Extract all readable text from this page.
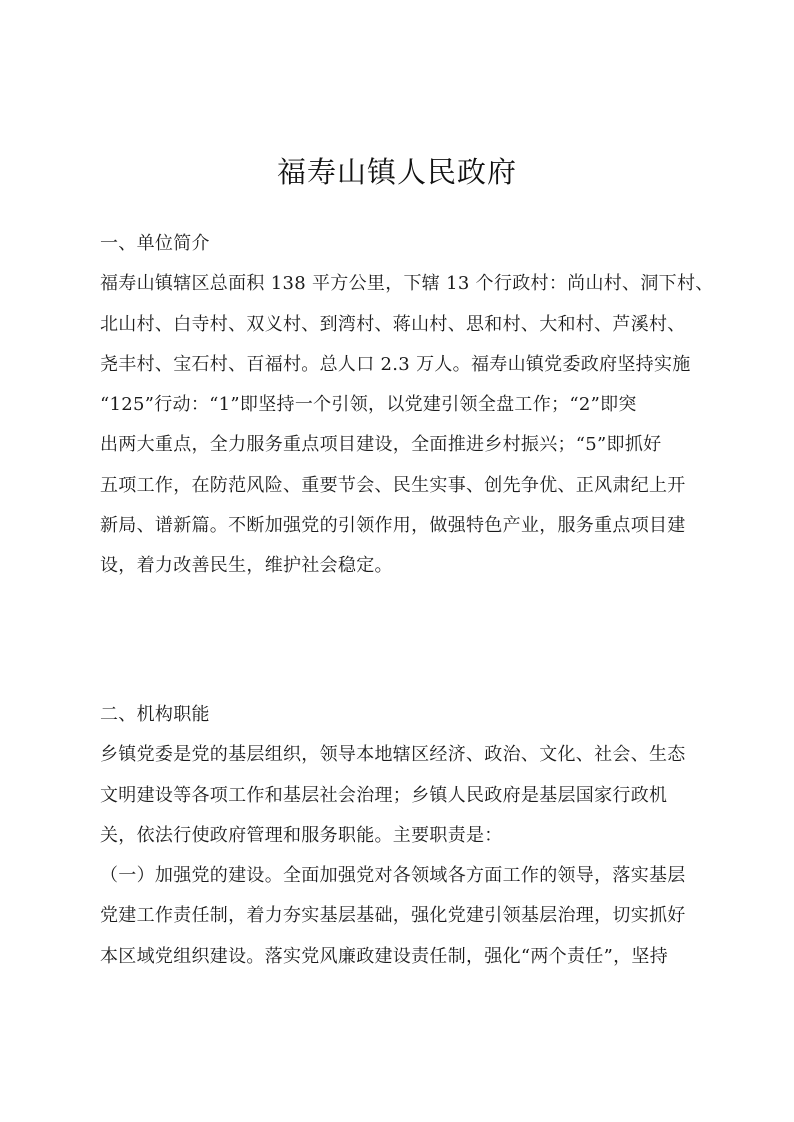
福寿山镇人民政府
一、单位简介
福寿山镇辖区总面积 138 平方公里，下辖 13 个行政村：尚山村、洞下村、
北山村、白寺村、双义村、到湾村、蒋山村、思和村、大和村、芦溪村、
尧丰村、宝石村、百福村。总人口 2.3 万人。福寿山镇党委政府坚持实施
“125”行动：“1”即坚持一个引领，以党建引领全盘工作；“2”即突
出两大重点，全力服务重点项目建设，全面推进乡村振兴；“5”即抓好
五项工作，在防范风险、重要节会、民生实事、创先争优、正风肃纪上开
新局、谱新篇。不断加强党的引领作用，做强特色产业，服务重点项目建
设，着力改善民生，维护社会稳定。
二、机构职能
乡镇党委是党的基层组织，领导本地辖区经济、政治、文化、社会、生态
文明建设等各项工作和基层社会治理；乡镇人民政府是基层国家行政机
关，依法行使政府管理和服务职能。主要职责是：
（一）加强党的建设。全面加强党对各领域各方面工作的领导，落实基层
党建工作责任制，着力夯实基层基础，强化党建引领基层治理，切实抓好
本区域党组织建设。落实党风廉政建设责任制，强化“两个责任”，坚持
